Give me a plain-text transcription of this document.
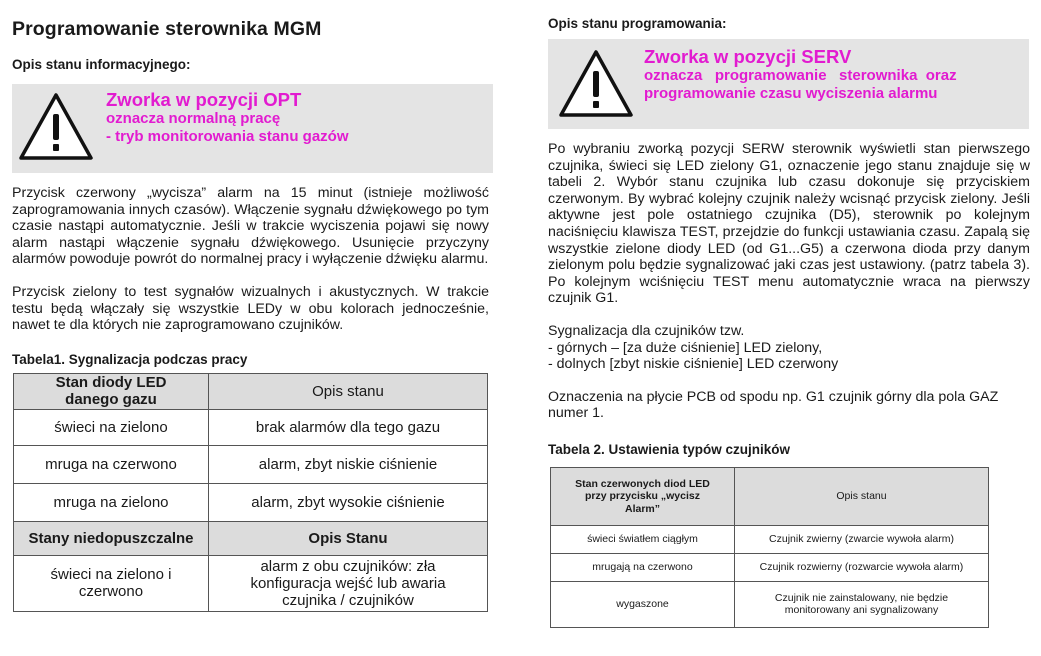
Programowanie sterownika MGM
Opis stanu informacyjnego:
Zworka w pozycji OPT
oznacza normalną pracę
- tryb monitorowania stanu gazów
Przycisk czerwony „wycisza” alarm na 15 minut (istnieje możliwość zaprogramowania innych czasów). Włączenie sygnału dźwiękowego po tym czasie nastąpi automatycznie. Jeśli w trakcie wyciszenia pojawi się nowy alarm nastąpi włączenie sygnału dźwiękowego. Usunięcie przyczyny alarmów powoduje powrót do normalnej pracy i wyłączenie dźwięku alarmu.
Przycisk zielony to test sygnałów wizualnych i akustycznych. W trakcie testu będą włączały się wszystkie LEDy w obu kolorach jednocześnie, nawet te dla których nie zaprogramowano czujników.
Tabela1. Sygnalizacja podczas pracy
Stan diody LED danego gazu	Opis stanu
świeci na zielono	brak alarmów dla tego gazu
mruga na czerwono	alarm, zbyt niskie ciśnienie
mruga na zielono	alarm, zbyt wysokie ciśnienie
Stany niedopuszczalne	Opis Stanu
świeci na zielono i czerwono	alarm z obu czujników: zła konfiguracja wejść lub awaria czujnika / czujników
Opis stanu programowania:
Zworka w pozycji SERV
oznacza   programowanie   sterownika  oraz
programowanie czasu wyciszenia alarmu
Po wybraniu zworką pozycji SERW sterownik wyświetli stan pierwszego czujnika, świeci się LED zielony G1, oznaczenie jego stanu znajduje się w tabeli 2. Wybór stanu czujnika lub czasu dokonuje się przyciskiem czerwonym. By wybrać kolejny czujnik należy wcisnąć przycisk zielony. Jeśli aktywne jest pole ostatniego czujnika (D5), sterownik po kolejnym naciśnięciu klawisza TEST, przejdzie do funkcji ustawiania czasu. Zapalą się wszystkie zielone diody LED (od G1...G5) a czerwona dioda przy danym zielonym polu będzie sygnalizować jaki czas jest ustawiony. (patrz tabela 3). Po kolejnym wciśnięciu TEST menu automatycznie wraca na pierwszy czujnik G1.
Sygnalizacja dla czujników tzw.
- górnych – [za duże ciśnienie] LED zielony,
- dolnych [zbyt niskie ciśnienie] LED czerwony
Oznaczenia na płycie PCB od spodu np. G1 czujnik górny dla pola GAZ numer 1.
Tabela 2. Ustawienia typów czujników
Stan czerwonych diod LED przy przycisku „wycisz Alarm”	Opis stanu
świeci światłem ciągłym	Czujnik zwierny (zwarcie wywoła alarm)
mrugają na czerwono	Czujnik rozwierny (rozwarcie wywoła alarm)
wygaszone	Czujnik nie zainstalowany, nie będzie monitorowany ani sygnalizowany
